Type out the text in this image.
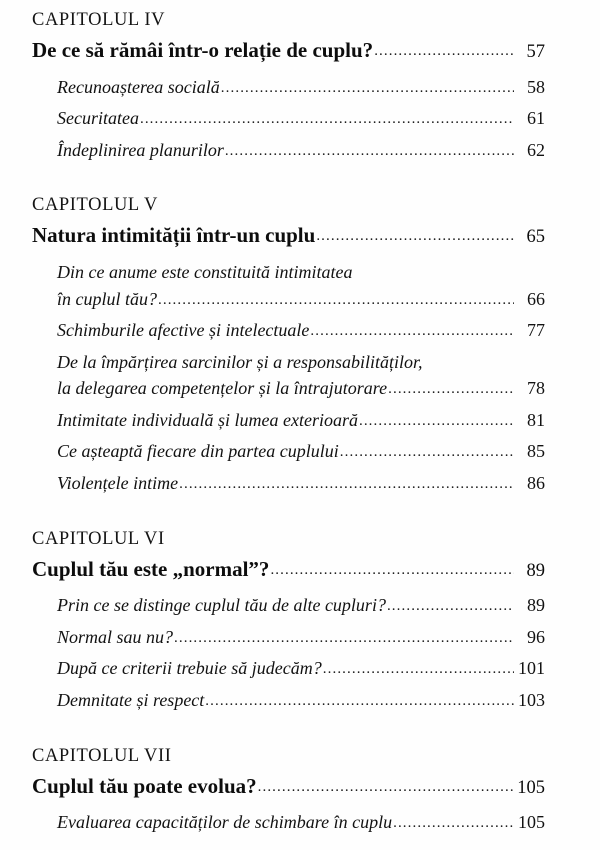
CAPITOLUL IV
De ce să rămâi într-o relație de cuplu? .....	57
Recunoașterea socială .....	58
Securitatea .....	61
Îndeplinirea planurilor .....	62
CAPITOLUL V
Natura intimității într-un cuplu .....	65
Din ce anume este constituită intimitatea
în cuplul tău? .....	66
Schimburile afective și intelectuale .....	77
De la împărțirea sarcinilor și a responsabilităților,
la delegarea competențelor și la întrajutorare .....	78
Intimitate individuală și lumea exterioară .....	81
Ce așteaptă fiecare din partea cuplului .....	85
Violențele intime .....	86
CAPITOLUL VI
Cuplul tău este „normal”? .....	89
Prin ce se distinge cuplul tău de alte cupluri? .....	89
Normal sau nu? .....	96
După ce criterii trebuie să judecăm? .....	101
Demnitate și respect .....	103
CAPITOLUL VII
Cuplul tău poate evolua? .....	105
Evaluarea capacităților de schimbare în cuplu .....	105
